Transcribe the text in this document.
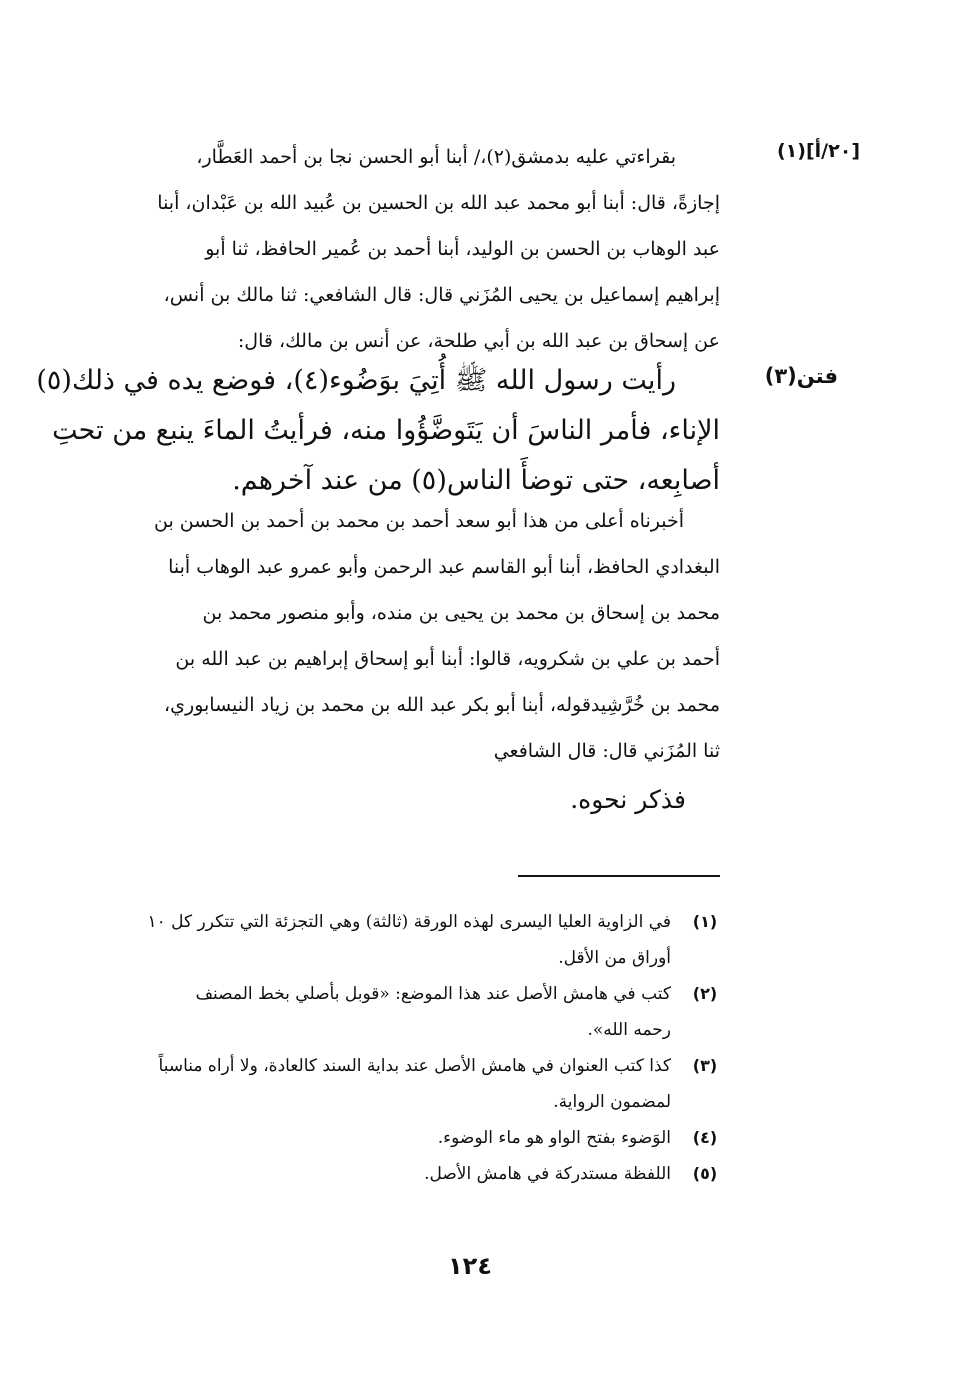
[٢٠/أ](١)
فتن(٣)
بقراءتي عليه بدمشق(٢)،/ أبنا أبو الحسن نجا بن أحمد العَطَّار،
إجازةً، قال: أبنا أبو محمد عبد الله بن الحسين بن عُبيد الله بن عَبْدان، أبنا
عبد الوهاب بن الحسن بن الوليد، أبنا أحمد بن عُمير الحافظ، ثنا أبو
إبراهيم إسماعيل بن يحيى المُزَني قال: قال الشافعي: ثنا مالك بن أنس،
عن إسحاق بن عبد الله بن أبي طلحة، عن أنس بن مالك، قال:
رأيت رسول الله ﷺ أُتِيَ بوَضُوء(٤)، فوضع يده في ذلك(٥)
الإناء، فأمر الناسَ أن يَتَوضَّؤُوا منه، فرأيتُ الماءَ ينبع من تحتِ
أصابِعه، حتى توضأَ الناس(٥) من عند آخرهم.
أخبرناه أعلى من هذا أبو سعد أحمد بن محمد بن أحمد بن الحسن بن
البغدادي الحافظ، أبنا أبو القاسم عبد الرحمن وأبو عمرو عبد الوهاب أبنا
محمد بن إسحاق بن محمد بن يحيى بن منده، وأبو منصور محمد بن
أحمد بن علي بن شكرويه، قالوا: أبنا أبو إسحاق إبراهيم بن عبد الله بن
محمد بن خُرَّشِيدقوله، أبنا أبو بكر عبد الله بن محمد بن زياد النيسابوري،
ثنا المُزَني قال: قال الشافعي
فذكر نحوه.
(١)
في الزاوية العليا اليسرى لهذه الورقة (ثالثة) وهي التجزئة التي تتكرر كل ١٠
أوراق من الأقل.
(٢)
كتب في هامش الأصل عند هذا الموضع: «قوبل بأصلي بخط المصنف
رحمه الله».
(٣)
كذا كتب العنوان في هامش الأصل عند بداية السند كالعادة، ولا أراه مناسباً
لمضمون الرواية.
(٤)
الوَضوء بفتح الواو هو ماء الوضوء.
(٥)
اللفظة مستدركة في هامش الأصل.
١٢٤
